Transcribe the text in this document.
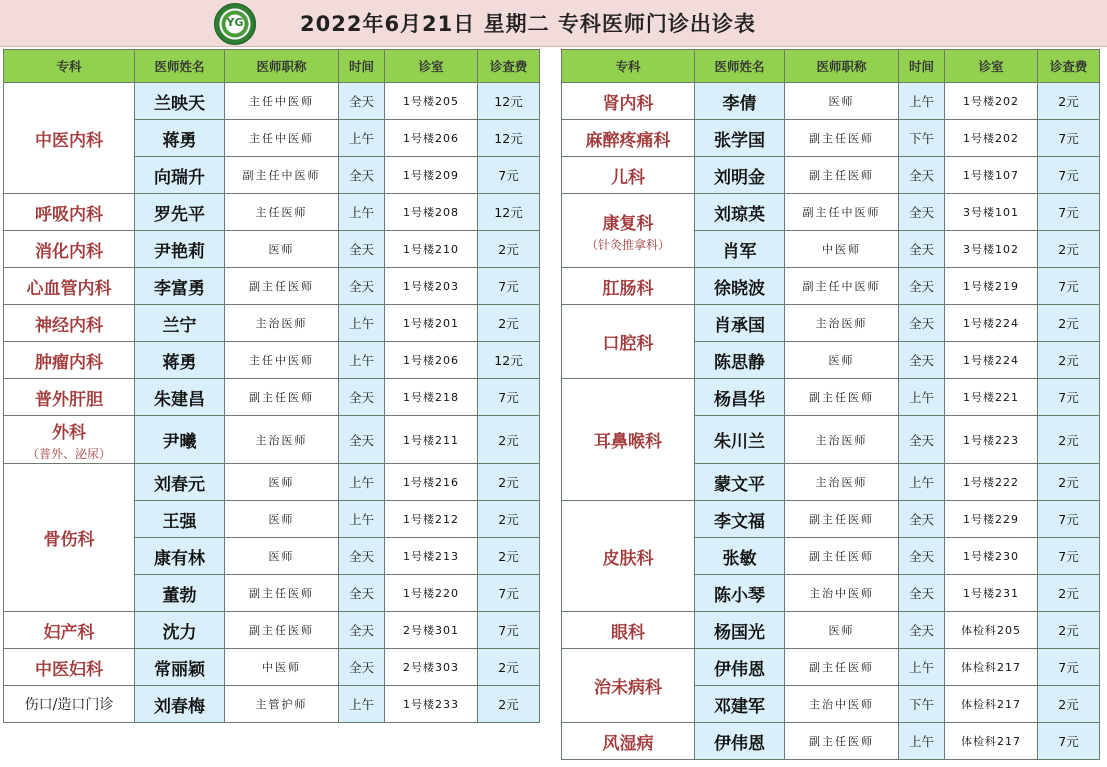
YG	2022年6月21日 星期二 专科医师门诊出诊表
专科	医师姓名	医师职称	时间	诊室	诊查费

中医内科	兰映天	主任中医师	全天	1号楼205	12元
	蒋勇	主任中医师	上午	1号楼206	12元
	向瑞升	副主任中医师	全天	1号楼209	7元

呼吸内科	罗先平	主任医师	上午	1号楼208	12元

消化内科	尹艳莉	医师	全天	1号楼210	2元

心血管内科	李富勇	副主任医师	全天	1号楼203	7元

神经内科	兰宁	主治医师	上午	1号楼201	2元

肿瘤内科	蒋勇	主任中医师	上午	1号楼206	12元

普外肝胆	朱建昌	副主任医师	全天	1号楼218	7元

外科
（普外、泌尿）	尹曦	主治医师	全天	1号楼211	2元

骨伤科	刘春元	医师	上午	1号楼216	2元
	王强	医师	上午	1号楼212	2元
	康有林	医师	全天	1号楼213	2元
	董勃	副主任医师	全天	1号楼220	7元

妇产科	沈力	副主任医师	全天	2号楼301	7元

中医妇科	常丽颖	中医师	全天	2号楼303	2元

伤口/造口门诊	刘春梅	主管护师	上午	1号楼233	2元
专科	医师姓名	医师职称	时间	诊室	诊查费

肾内科	李倩	医师	上午	1号楼202	2元

麻醉疼痛科	张学国	副主任医师	下午	1号楼202	7元

儿科	刘明金	副主任医师	全天	1号楼107	7元

康复科
（针灸推拿科）	刘琼英	副主任中医师	全天	3号楼101	7元
	肖军	中医师	全天	3号楼102	2元

肛肠科	徐晓波	副主任中医师	全天	1号楼219	7元

口腔科	肖承国	主治医师	全天	1号楼224	2元
	陈思静	医师	全天	1号楼224	2元

耳鼻喉科	杨昌华	副主任医师	上午	1号楼221	7元
	朱川兰	主治医师	全天	1号楼223	2元
	蒙文平	主治医师	上午	1号楼222	2元

皮肤科	李文福	副主任医师	全天	1号楼229	7元
	张敏	副主任医师	全天	1号楼230	7元
	陈小琴	主治中医师	全天	1号楼231	2元

眼科	杨国光	医师	全天	体检科205	2元

治未病科	伊伟恩	副主任医师	上午	体检科217	7元
	邓建军	主治中医师	下午	体检科217	2元

风湿病	伊伟恩	副主任医师	上午	体检科217	7元
